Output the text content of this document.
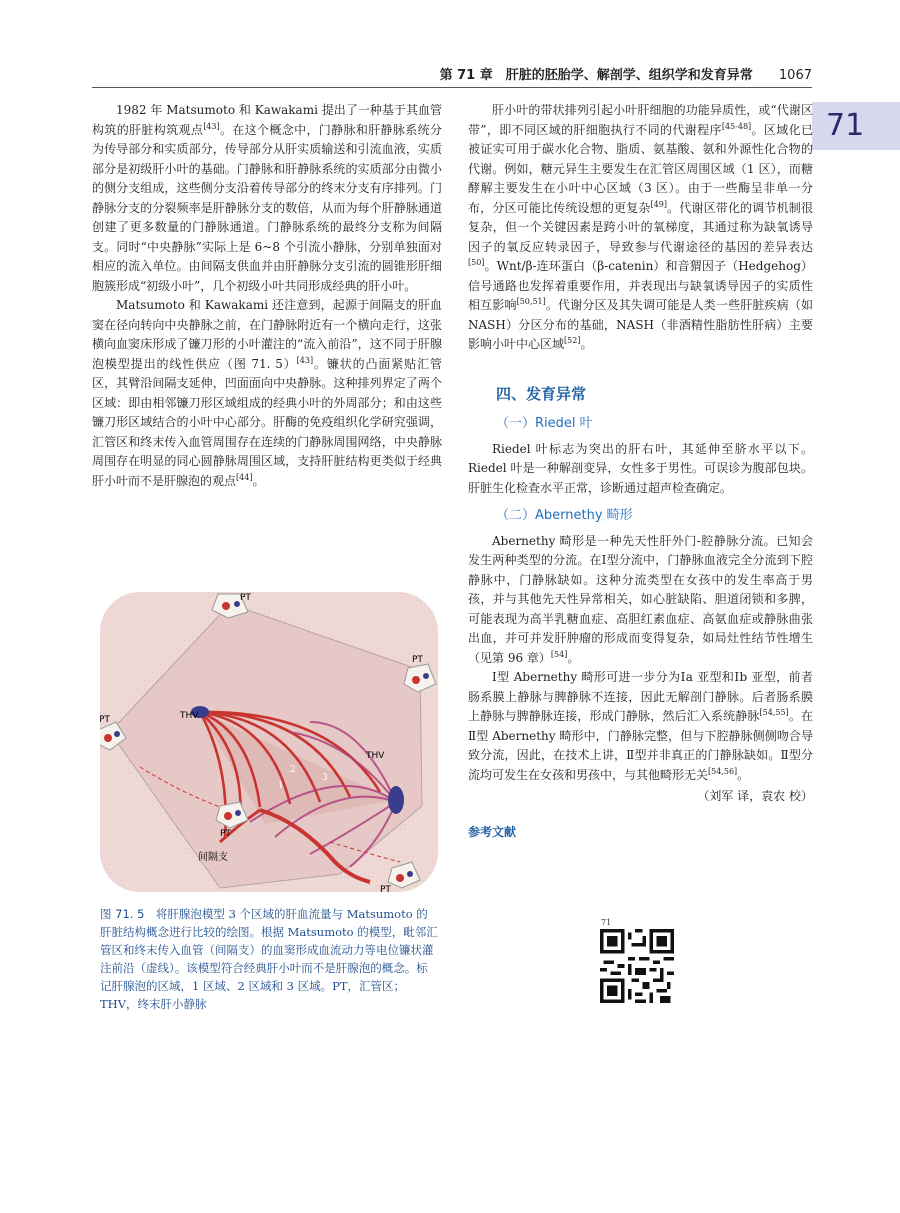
第 71 章　肝脏的胚胎学、解剖学、组织学和发育异常 1067
71

1982 年 Matsumoto 和 Kawakami 提出了一种基于其血管构筑的肝脏构筑观点[43]。在这个概念中，门静脉和肝静脉系统分为传导部分和实质部分，传导部分从肝实质输送和引流血液，实质部分是初级肝小叶的基础。门静脉和肝静脉系统的实质部分由微小的侧分支组成，这些侧分支沿着传导部分的终末分支有序排列。门静脉分支的分裂频率是肝静脉分支的数倍，从而为每个肝静脉通道创建了更多数量的门静脉通道。门静脉系统的最终分支称为间隔支。同时“中央静脉”实际上是 6~8 个引流小静脉，分别单独面对相应的流入单位。由间隔支供血并由肝静脉分支引流的圆锥形肝细胞簇形成“初级小叶”，几个初级小叶共同形成经典的肝小叶。

Matsumoto 和 Kawakami 还注意到，起源于间隔支的肝血窦在径向转向中央静脉之前，在门静脉附近有一个横向走行，这张横向血窦床形成了镰刀形的小叶灌注的“流入前沿”，这不同于肝腺泡模型提出的线性供应（图 71. 5）[43]。镰状的凸面紧贴汇管区，其臂沿间隔支延伸，凹面面向中央静脉。这种排列界定了两个区域：即由相邻镰刀形区域组成的经典小叶的外周部分；和由这些镰刀形区域结合的小叶中心部分。肝酶的免疫组织化学研究强调，汇管区和终末传入血管周围存在连续的门静脉周围网络，中央静脉周围存在明显的同心圆静脉周围区域，支持肝脏结构更类似于经典肝小叶而不是肝腺泡的观点[44]。

PT
PT
PT
PT
PT
THV
THV
间隔支
1
2
3
图 71. 5　将肝腺泡模型 3 个区域的肝血流量与 Matsumoto 的肝脏结构概念进行比较的绘图。根据 Matsumoto 的模型，毗邻汇管区和终末传入血管（间隔支）的血窦形成血流动力等电位镰状灌注前沿（虚线）。该模型符合经典肝小叶而不是肝腺泡的概念。标记肝腺泡的区域，1 区域、2 区域和 3 区域。PT，汇管区；THV，终末肝小静脉

肝小叶的带状排列引起小叶肝细胞的功能异质性，或“代谢区带”，即不同区域的肝细胞执行不同的代谢程序[45-48]。区域化已被证实可用于碳水化合物、脂质、氨基酸、氨和外源性化合物的代谢。例如，糖元异生主要发生在汇管区周围区域（1 区），而糖酵解主要发生在小叶中心区域（3 区）。由于一些酶呈非单一分布，分区可能比传统设想的更复杂[49]。代谢区带化的调节机制很复杂，但一个关键因素是跨小叶的氧梯度，其通过称为缺氧诱导因子的氧反应转录因子，导致参与代谢途径的基因的差异表达[50]。Wnt/β-连环蛋白（β-catenin）和音猬因子（Hedgehog）信号通路也发挥着重要作用，并表现出与缺氧诱导因子的实质性相互影响[50,51]。代谢分区及其失调可能是人类一些肝脏疾病（如 NASH）分区分布的基础，NASH（非酒精性脂肪性肝病）主要影响小叶中心区域[52]。

四、发育异常
（一）Riedel 叶

Riedel 叶标志为突出的肝右叶，其延伸至脐水平以下。Riedel 叶是一种解剖变异，女性多于男性。可误诊为腹部包块。肝脏生化检查水平正常，诊断通过超声检查确定。

（二）Abernethy 畸形

Abernethy 畸形是一种先天性肝外门-腔静脉分流。已知会发生两种类型的分流。在Ⅰ型分流中，门静脉血液完全分流到下腔静脉中，门静脉缺如。这种分流类型在女孩中的发生率高于男孩，并与其他先天性异常相关，如心脏缺陷、胆道闭锁和多脾，可能表现为高半乳糖血症、高胆红素血症、高氨血症或静脉曲张出血，并可并发肝肿瘤的形成而变得复杂，如局灶性结节性增生（见第 96 章）[54]。

Ⅰ型 Abernethy 畸形可进一步分为Ⅰa 亚型和Ⅰb 亚型，前者肠系膜上静脉与脾静脉不连接，因此无解剖门静脉。后者肠系膜上静脉与脾静脉连接，形成门静脉，然后汇入系统静脉[54,55]。在Ⅱ型 Abernethy 畸形中，门静脉完整，但与下腔静脉侧侧吻合导致分流，因此，在技术上讲，Ⅱ型并非真正的门静脉缺如。Ⅱ型分流均可发生在女孩和男孩中，与其他畸形无关[54,56]。

（刘军 译，袁农 校）
参考文献
71
